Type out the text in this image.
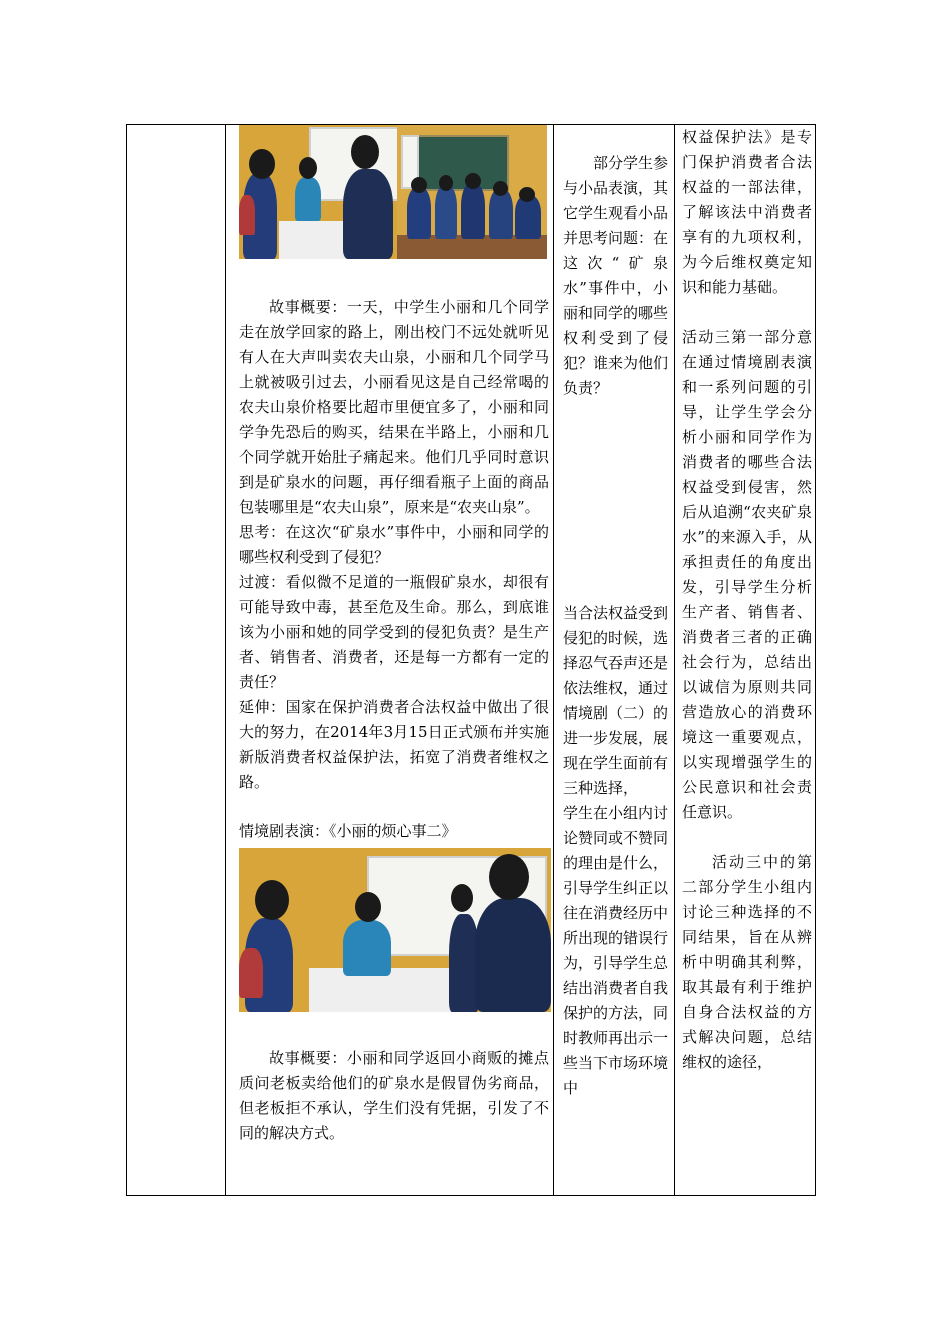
故事概要：一天，中学生小丽和几个同学走在放学回家的路上，刚出校门不远处就听见有人在大声叫卖农夫山泉，小丽和几个同学马上就被吸引过去，小丽看见这是自己经常喝的农夫山泉价格要比超市里便宜多了，小丽和同学争先恐后的购买，结果在半路上，小丽和几个同学就开始肚子痛起来。他们几乎同时意识到是矿泉水的问题，再仔细看瓶子上面的商品包装哪里是“农夫山泉”，原来是“农夹山泉”。

思考：在这次“矿泉水”事件中，小丽和同学的哪些权利受到了侵犯？

过渡：看似微不足道的一瓶假矿泉水，却很有可能导致中毒，甚至危及生命。那么，到底谁该为小丽和她的同学受到的侵犯负责？是生产者、销售者、消费者，还是每一方都有一定的责任？

延伸：国家在保护消费者合法权益中做出了很大的努力，在2014年3月15日正式颁布并实施新版消费者权益保护法，拓宽了消费者维权之路。

情境剧表演：《小丽的烦心事二》

故事概要：小丽和同学返回小商贩的摊点质问老板卖给他们的矿泉水是假冒伪劣商品，但老板拒不承认，学生们没有凭据，引发了不同的解决方式。

部分学生参与小品表演，其它学生观看小品并思考问题：在这次“矿泉水”事件中，小丽和同学的哪些权利受到了侵犯？谁来为他们负责？

当合法权益受到侵犯的时候，选择忍气吞声还是依法维权，通过情境剧（二）的进一步发展，展现在学生面前有三种选择，

学生在小组内讨论赞同或不赞同的理由是什么，引导学生纠正以往在消费经历中所出现的错误行为，引导学生总结出消费者自我保护的方法，同时教师再出示一些当下市场环境中

权益保护法》是专门保护消费者合法权益的一部法律，了解该法中消费者享有的九项权利，为今后维权奠定知识和能力基础。

活动三第一部分意在通过情境剧表演和一系列问题的引导，让学生学会分析小丽和同学作为消费者的哪些合法权益受到侵害，然后从追溯“农夹矿泉水”的来源入手，从承担责任的角度出发，引导学生分析生产者、销售者、消费者三者的正确社会行为，总结出以诚信为原则共同营造放心的消费环境这一重要观点，以实现增强学生的公民意识和社会责任意识。

活动三中的第二部分学生小组内讨论三种选择的不同结果，旨在从辨析中明确其利弊，取其最有利于维护自身合法权益的方式解决问题，总结维权的途径，
